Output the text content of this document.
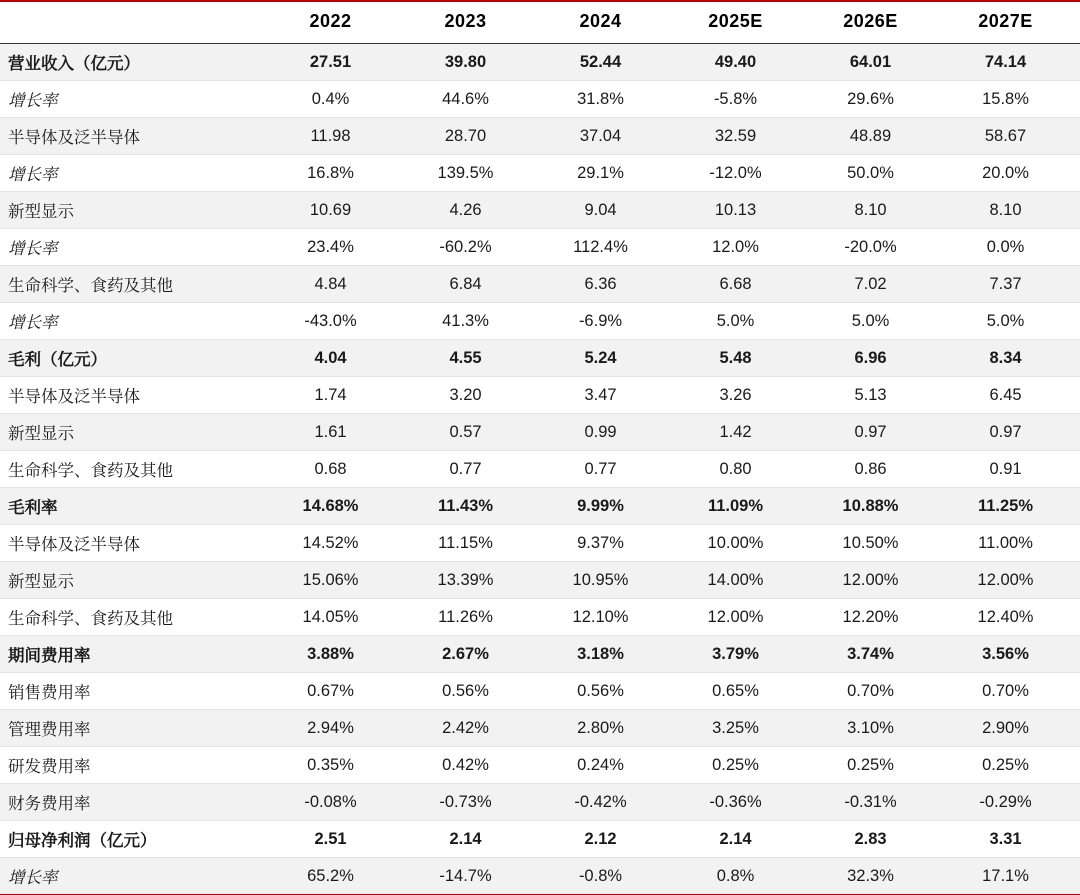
	2022	2023	2024	2025E	2026E	2027E
营业收入（亿元）	27.51	39.80	52.44	49.40	64.01	74.14
增长率	0.4%	44.6%	31.8%	-5.8%	29.6%	15.8%
半导体及泛半导体	11.98	28.70	37.04	32.59	48.89	58.67
增长率	16.8%	139.5%	29.1%	-12.0%	50.0%	20.0%
新型显示	10.69	4.26	9.04	10.13	8.10	8.10
增长率	23.4%	-60.2%	112.4%	12.0%	-20.0%	0.0%
生命科学、食药及其他	4.84	6.84	6.36	6.68	7.02	7.37
增长率	-43.0%	41.3%	-6.9%	5.0%	5.0%	5.0%
毛利（亿元）	4.04	4.55	5.24	5.48	6.96	8.34
半导体及泛半导体	1.74	3.20	3.47	3.26	5.13	6.45
新型显示	1.61	0.57	0.99	1.42	0.97	0.97
生命科学、食药及其他	0.68	0.77	0.77	0.80	0.86	0.91
毛利率	14.68%	11.43%	9.99%	11.09%	10.88%	11.25%
半导体及泛半导体	14.52%	11.15%	9.37%	10.00%	10.50%	11.00%
新型显示	15.06%	13.39%	10.95%	14.00%	12.00%	12.00%
生命科学、食药及其他	14.05%	11.26%	12.10%	12.00%	12.20%	12.40%
期间费用率	3.88%	2.67%	3.18%	3.79%	3.74%	3.56%
销售费用率	0.67%	0.56%	0.56%	0.65%	0.70%	0.70%
管理费用率	2.94%	2.42%	2.80%	3.25%	3.10%	2.90%
研发费用率	0.35%	0.42%	0.24%	0.25%	0.25%	0.25%
财务费用率	-0.08%	-0.73%	-0.42%	-0.36%	-0.31%	-0.29%
归母净利润（亿元）	2.51	2.14	2.12	2.14	2.83	3.31
增长率	65.2%	-14.7%	-0.8%	0.8%	32.3%	17.1%
